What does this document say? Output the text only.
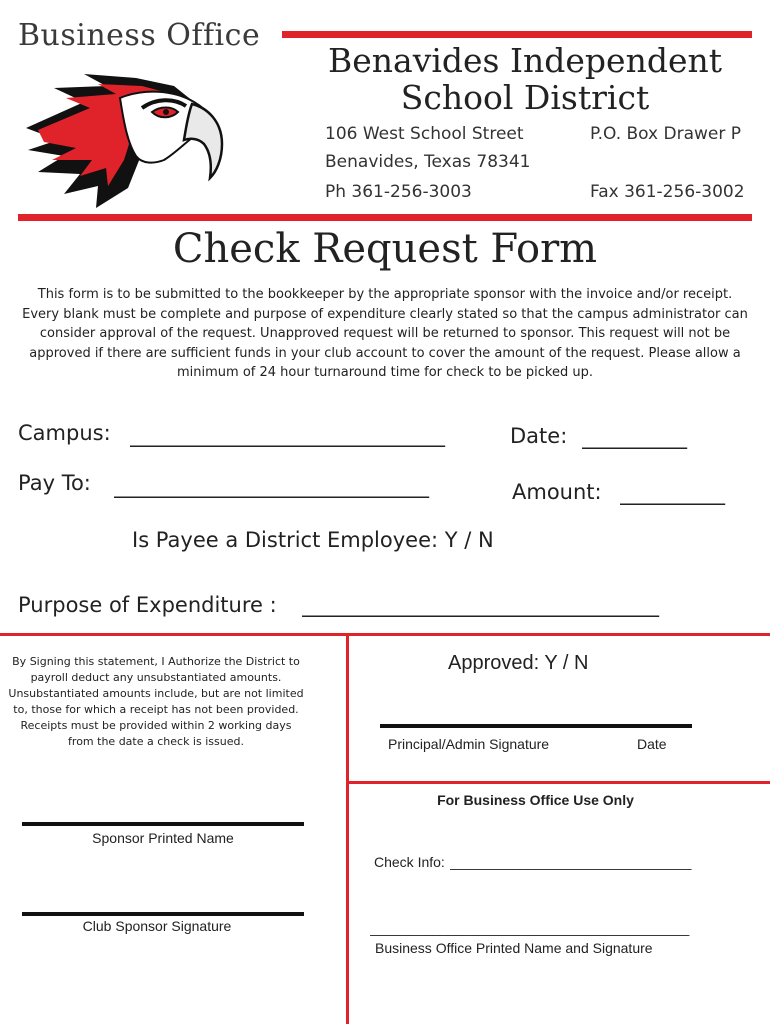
Business Office
Benavides Independent
School District
106 West School Street	P.O. Box Drawer P
Benavides, Texas 78341
Ph 361-256-3003	Fax 361-256-3002
Check Request Form
This form is to be submitted to the bookkeeper by the appropriate sponsor with the invoice and/or receipt. Every blank must be complete and purpose of expenditure clearly stated so that the campus administrator can consider approval of the request. Unapproved request will be returned to sponsor. This request will not be approved if there are sufficient funds in your club account to cover the amount of the request. Please allow a minimum of 24 hour turnaround time for check to be picked up.
Campus: ______________________________	Date: __________
Pay To: ______________________________	Amount: __________
Is Payee a District Employee: Y / N
Purpose of Expenditure : __________________________________
By Signing this statement, I Authorize the District to payroll deduct any unsubstantiated amounts. Unsubstantiated amounts include, but are not limited to, those for which a receipt has not been provided. Receipts must be provided within 2 working days from the date a check is issued.
Sponsor Printed Name
Club Sponsor Signature
Approved: Y / N
Principal/Admin Signature	Date
For Business Office Use Only
Check Info: _______________________________
_________________________________________
Business Office Printed Name and Signature
